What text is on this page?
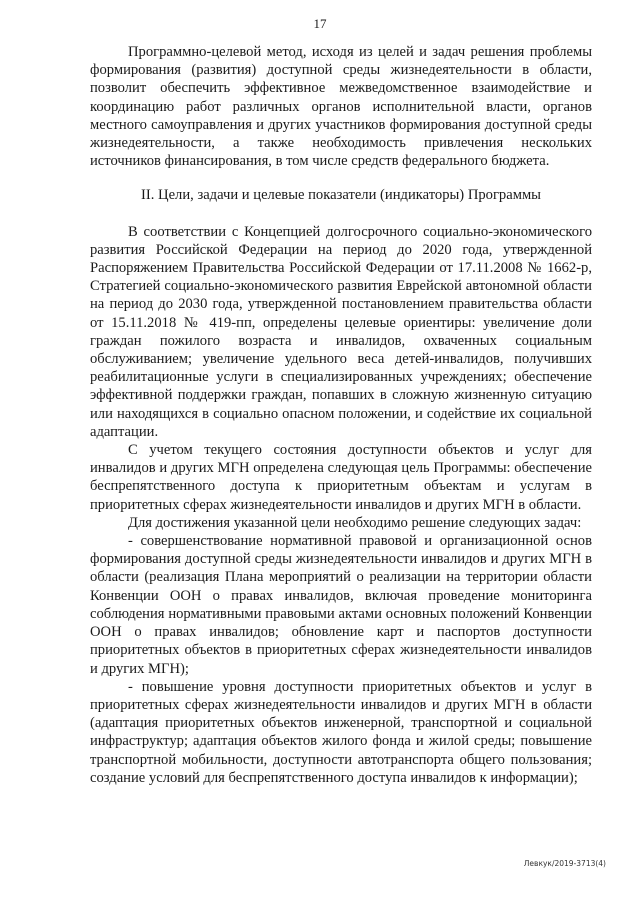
17

Программно-целевой метод, исходя из целей и задач решения проблемы формирования (развития) доступной среды жизнедеятельности в области, позволит обеспечить эффективное межведомственное взаимодействие и координацию работ различных органов исполнительной власти, органов местного самоуправления и других участников формирования доступной среды жизнедеятельности, а также необходимость привлечения нескольких источников финансирования, в том числе средств федерального бюджета.

II. Цели, задачи и целевые показатели (индикаторы) Программы

В соответствии с Концепцией долгосрочного социально-экономического развития Российской Федерации на период до 2020 года, утвержденной Распоряжением Правительства Российской Федерации от 17.11.2008 № 1662-р, Стратегией социально-экономического развития Еврейской автономной области на период до 2030 года, утвержденной постановлением правительства области от 15.11.2018 № 419-пп, определены целевые ориентиры: увеличение доли граждан пожилого возраста и инвалидов, охваченных социальным обслуживанием; увеличение удельного веса детей-инвалидов, получивших реабилитационные услуги в специализированных учреждениях; обеспечение эффективной поддержки граждан, попавших в сложную жизненную ситуацию или находящихся в социально опасном положении, и содействие их социальной адаптации.

С учетом текущего состояния доступности объектов и услуг для инвалидов и других МГН определена следующая цель Программы: обеспечение беспрепятственного доступа к приоритетным объектам и услугам в приоритетных сферах жизнедеятельности инвалидов и других МГН в области.

Для достижения указанной цели необходимо решение следующих задач:

- совершенствование нормативной правовой и организационной основ формирования доступной среды жизнедеятельности инвалидов и других МГН в области (реализация Плана мероприятий о реализации на территории области Конвенции ООН о правах инвалидов, включая проведение мониторинга соблюдения нормативными правовыми актами основных положений Конвенции ООН о правах инвалидов; обновление карт и паспортов доступности приоритетных объектов в приоритетных сферах жизнедеятельности инвалидов и других МГН);

- повышение уровня доступности приоритетных объектов и услуг в приоритетных сферах жизнедеятельности инвалидов и других МГН в области (адаптация приоритетных объектов инженерной, транспортной и социальной инфраструктур; адаптация объектов жилого фонда и жилой среды; повышение транспортной мобильности, доступности автотранспорта общего пользования; создание условий для беспрепятственного доступа инвалидов к информации);

Левкук/2019-3713(4)
